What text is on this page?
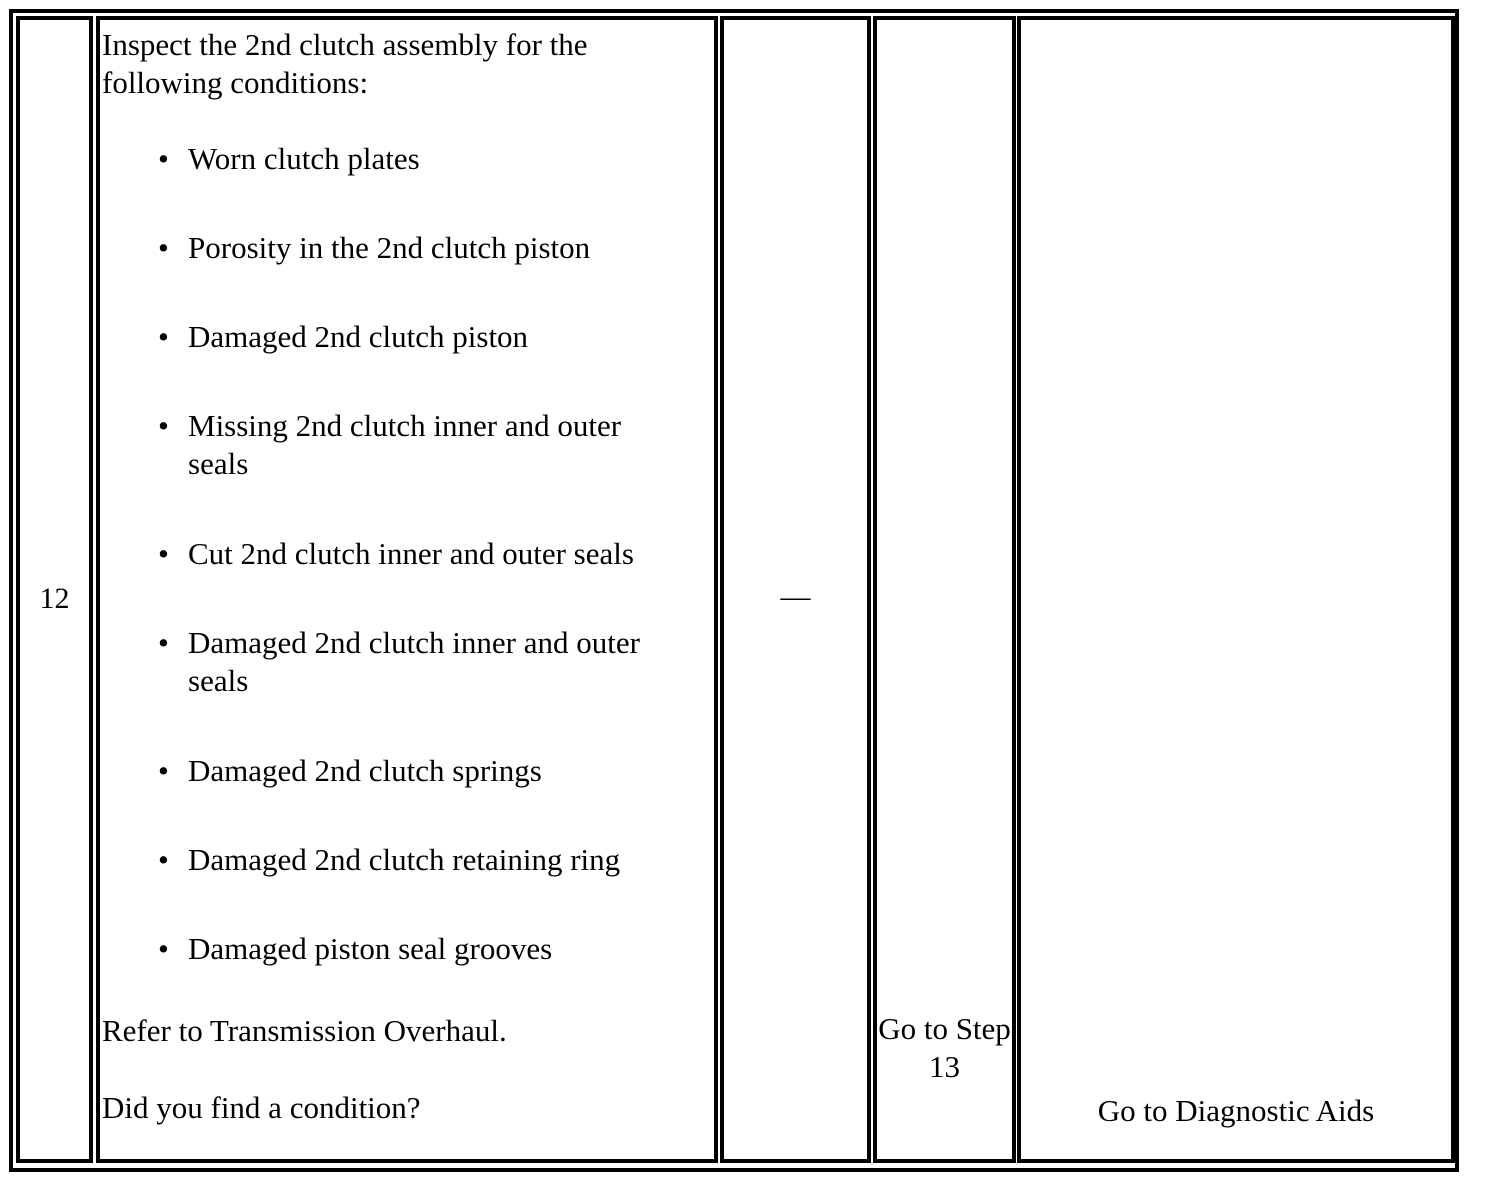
12

Inspect the 2nd clutch assembly for the following conditions:

• Worn clutch plates
• Porosity in the 2nd clutch piston
• Damaged 2nd clutch piston
• Missing 2nd clutch inner and outer seals
• Cut 2nd clutch inner and outer seals
• Damaged 2nd clutch inner and outer seals
• Damaged 2nd clutch springs
• Damaged 2nd clutch retaining ring
• Damaged piston seal grooves
Refer to Transmission Overhaul.
Did you find a condition?
—
Go to Step 13
Go to Diagnostic Aids
